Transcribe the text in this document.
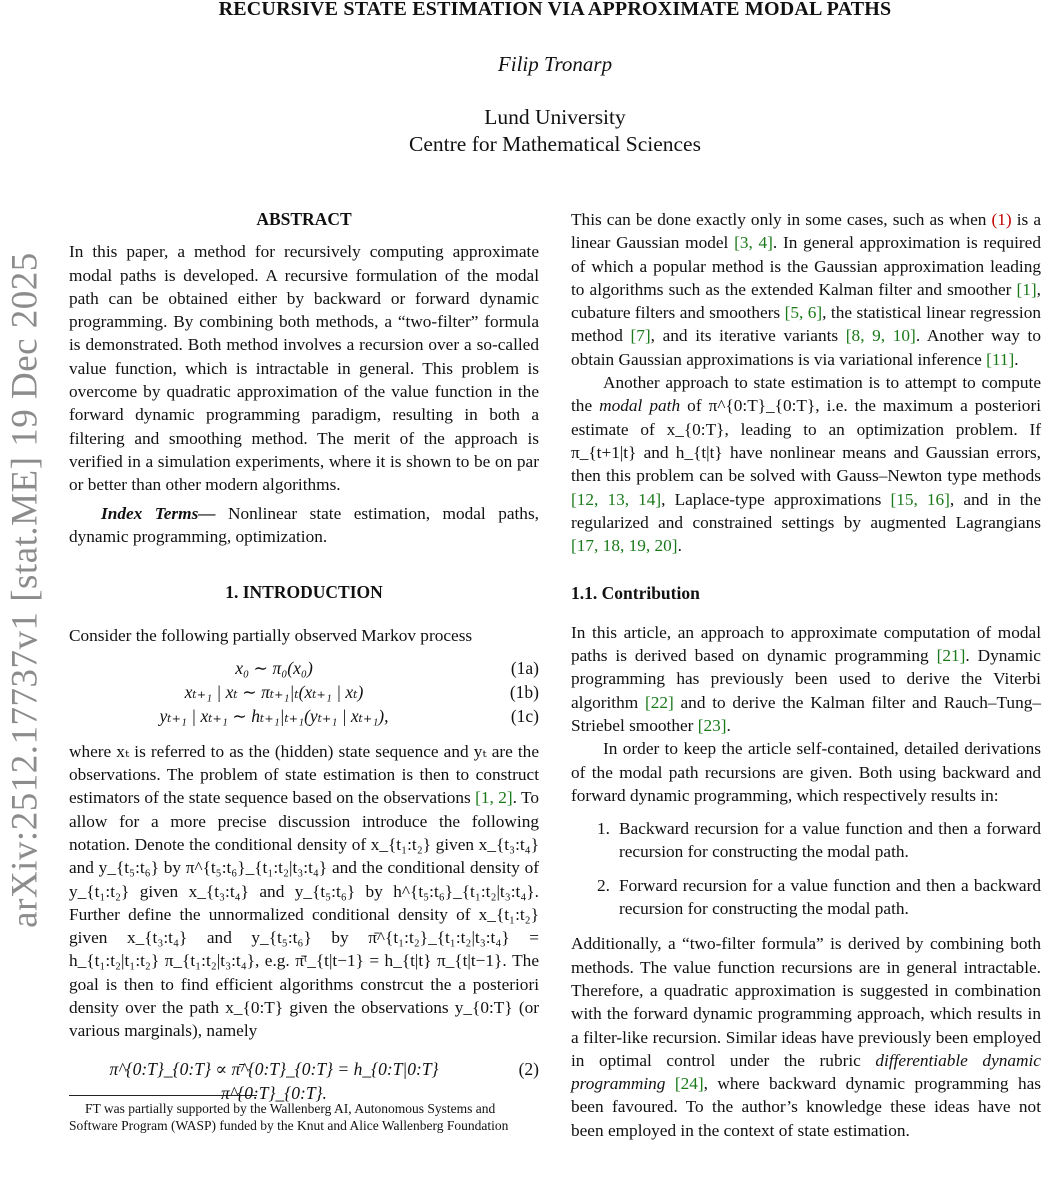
RECURSIVE STATE ESTIMATION VIA APPROXIMATE MODAL PATHS
Filip Tronarp
Lund University
Centre for Mathematical Sciences
arXiv:2512.17737v1 [stat.ME] 19 Dec 2025
ABSTRACT

In this paper, a method for recursively computing approximate modal paths is developed. A recursive formulation of the modal path can be obtained either by backward or forward dynamic programming. By combining both methods, a “two-filter” formula is demonstrated. Both method involves a recursion over a so-called value function, which is intractable in general. This problem is overcome by quadratic approximation of the value function in the forward dynamic programming paradigm, resulting in both a filtering and smoothing method. The merit of the approach is verified in a simulation experiments, where it is shown to be on par or better than other modern algorithms.

Index Terms— Nonlinear state estimation, modal paths, dynamic programming, optimization.

1. INTRODUCTION

Consider the following partially observed Markov process

x₀ ∼ π₀(x₀)	(1a)
xₜ₊₁ | xₜ ∼ πₜ₊₁|ₜ(xₜ₊₁ | xₜ)	(1b)
yₜ₊₁ | xₜ₊₁ ∼ hₜ₊₁|ₜ₊₁(yₜ₊₁ | xₜ₊₁),	(1c)

where xₜ is referred to as the (hidden) state sequence and yₜ are the observations. The problem of state estimation is then to construct estimators of the state sequence based on the observations [1, 2]. To allow for a more precise discussion introduce the following notation. Denote the conditional density of x_{t₁:t₂} given x_{t₃:t₄} and y_{t₅:t₆} by π^{t₅:t₆}_{t₁:t₂|t₃:t₄} and the conditional density of y_{t₁:t₂} given x_{t₃:t₄} and y_{t₅:t₆} by h^{t₅:t₆}_{t₁:t₂|t₃:t₄}. Further define the unnormalized conditional density of x_{t₁:t₂} given x_{t₃:t₄} and y_{t₅:t₆} by π̄^{t₁:t₂}_{t₁:t₂|t₃:t₄} = h_{t₁:t₂|t₁:t₂} π_{t₁:t₂|t₃:t₄}, e.g. π̄ᵗ_{t|t−1} = h_{t|t} π_{t|t−1}. The goal is then to find efficient algorithms constrcut the a posteriori density over the path x_{0:T} given the observations y_{0:T} (or various marginals), namely

π^{0:T}_{0:T} ∝ π̄^{0:T}_{0:T} = h_{0:T|0:T} π^{0:T}_{0:T}.
(2)

FT was partially supported by the Wallenberg AI, Autonomous Systems and Software Program (WASP) funded by the Knut and Alice Wallenberg Foundation

This can be done exactly only in some cases, such as when (1) is a linear Gaussian model [3, 4]. In general approximation is required of which a popular method is the Gaussian approximation leading to algorithms such as the extended Kalman filter and smoother [1], cubature filters and smoothers [5, 6], the statistical linear regression method [7], and its iterative variants [8, 9, 10]. Another way to obtain Gaussian approximations is via variational inference [11].

Another approach to state estimation is to attempt to compute the modal path of π^{0:T}_{0:T}, i.e. the maximum a posteriori estimate of x_{0:T}, leading to an optimization problem. If π_{t+1|t} and h_{t|t} have nonlinear means and Gaussian errors, then this problem can be solved with Gauss–Newton type methods [12, 13, 14], Laplace-type approximations [15, 16], and in the regularized and constrained settings by augmented Lagrangians [17, 18, 19, 20].

1.1. Contribution

In this article, an approach to approximate computation of modal paths is derived based on dynamic programming [21]. Dynamic programming has previously been used to derive the Viterbi algorithm [22] and to derive the Kalman filter and Rauch–Tung–Striebel smoother [23].

In order to keep the article self-contained, detailed derivations of the modal path recursions are given. Both using backward and forward dynamic programming, which respectively results in:

1. Backward recursion for a value function and then a forward recursion for constructing the modal path.
2. Forward recursion for a value function and then a backward recursion for constructing the modal path.

Additionally, a “two-filter formula” is derived by combining both methods. The value function recursions are in general intractable. Therefore, a quadratic approximation is suggested in combination with the forward dynamic programming approach, which results in a filter-like recursion. Similar ideas have previously been employed in optimal control under the rubric differentiable dynamic programming [24], where backward dynamic programming has been favoured. To the author’s knowledge these ideas have not been employed in the context of state estimation.
